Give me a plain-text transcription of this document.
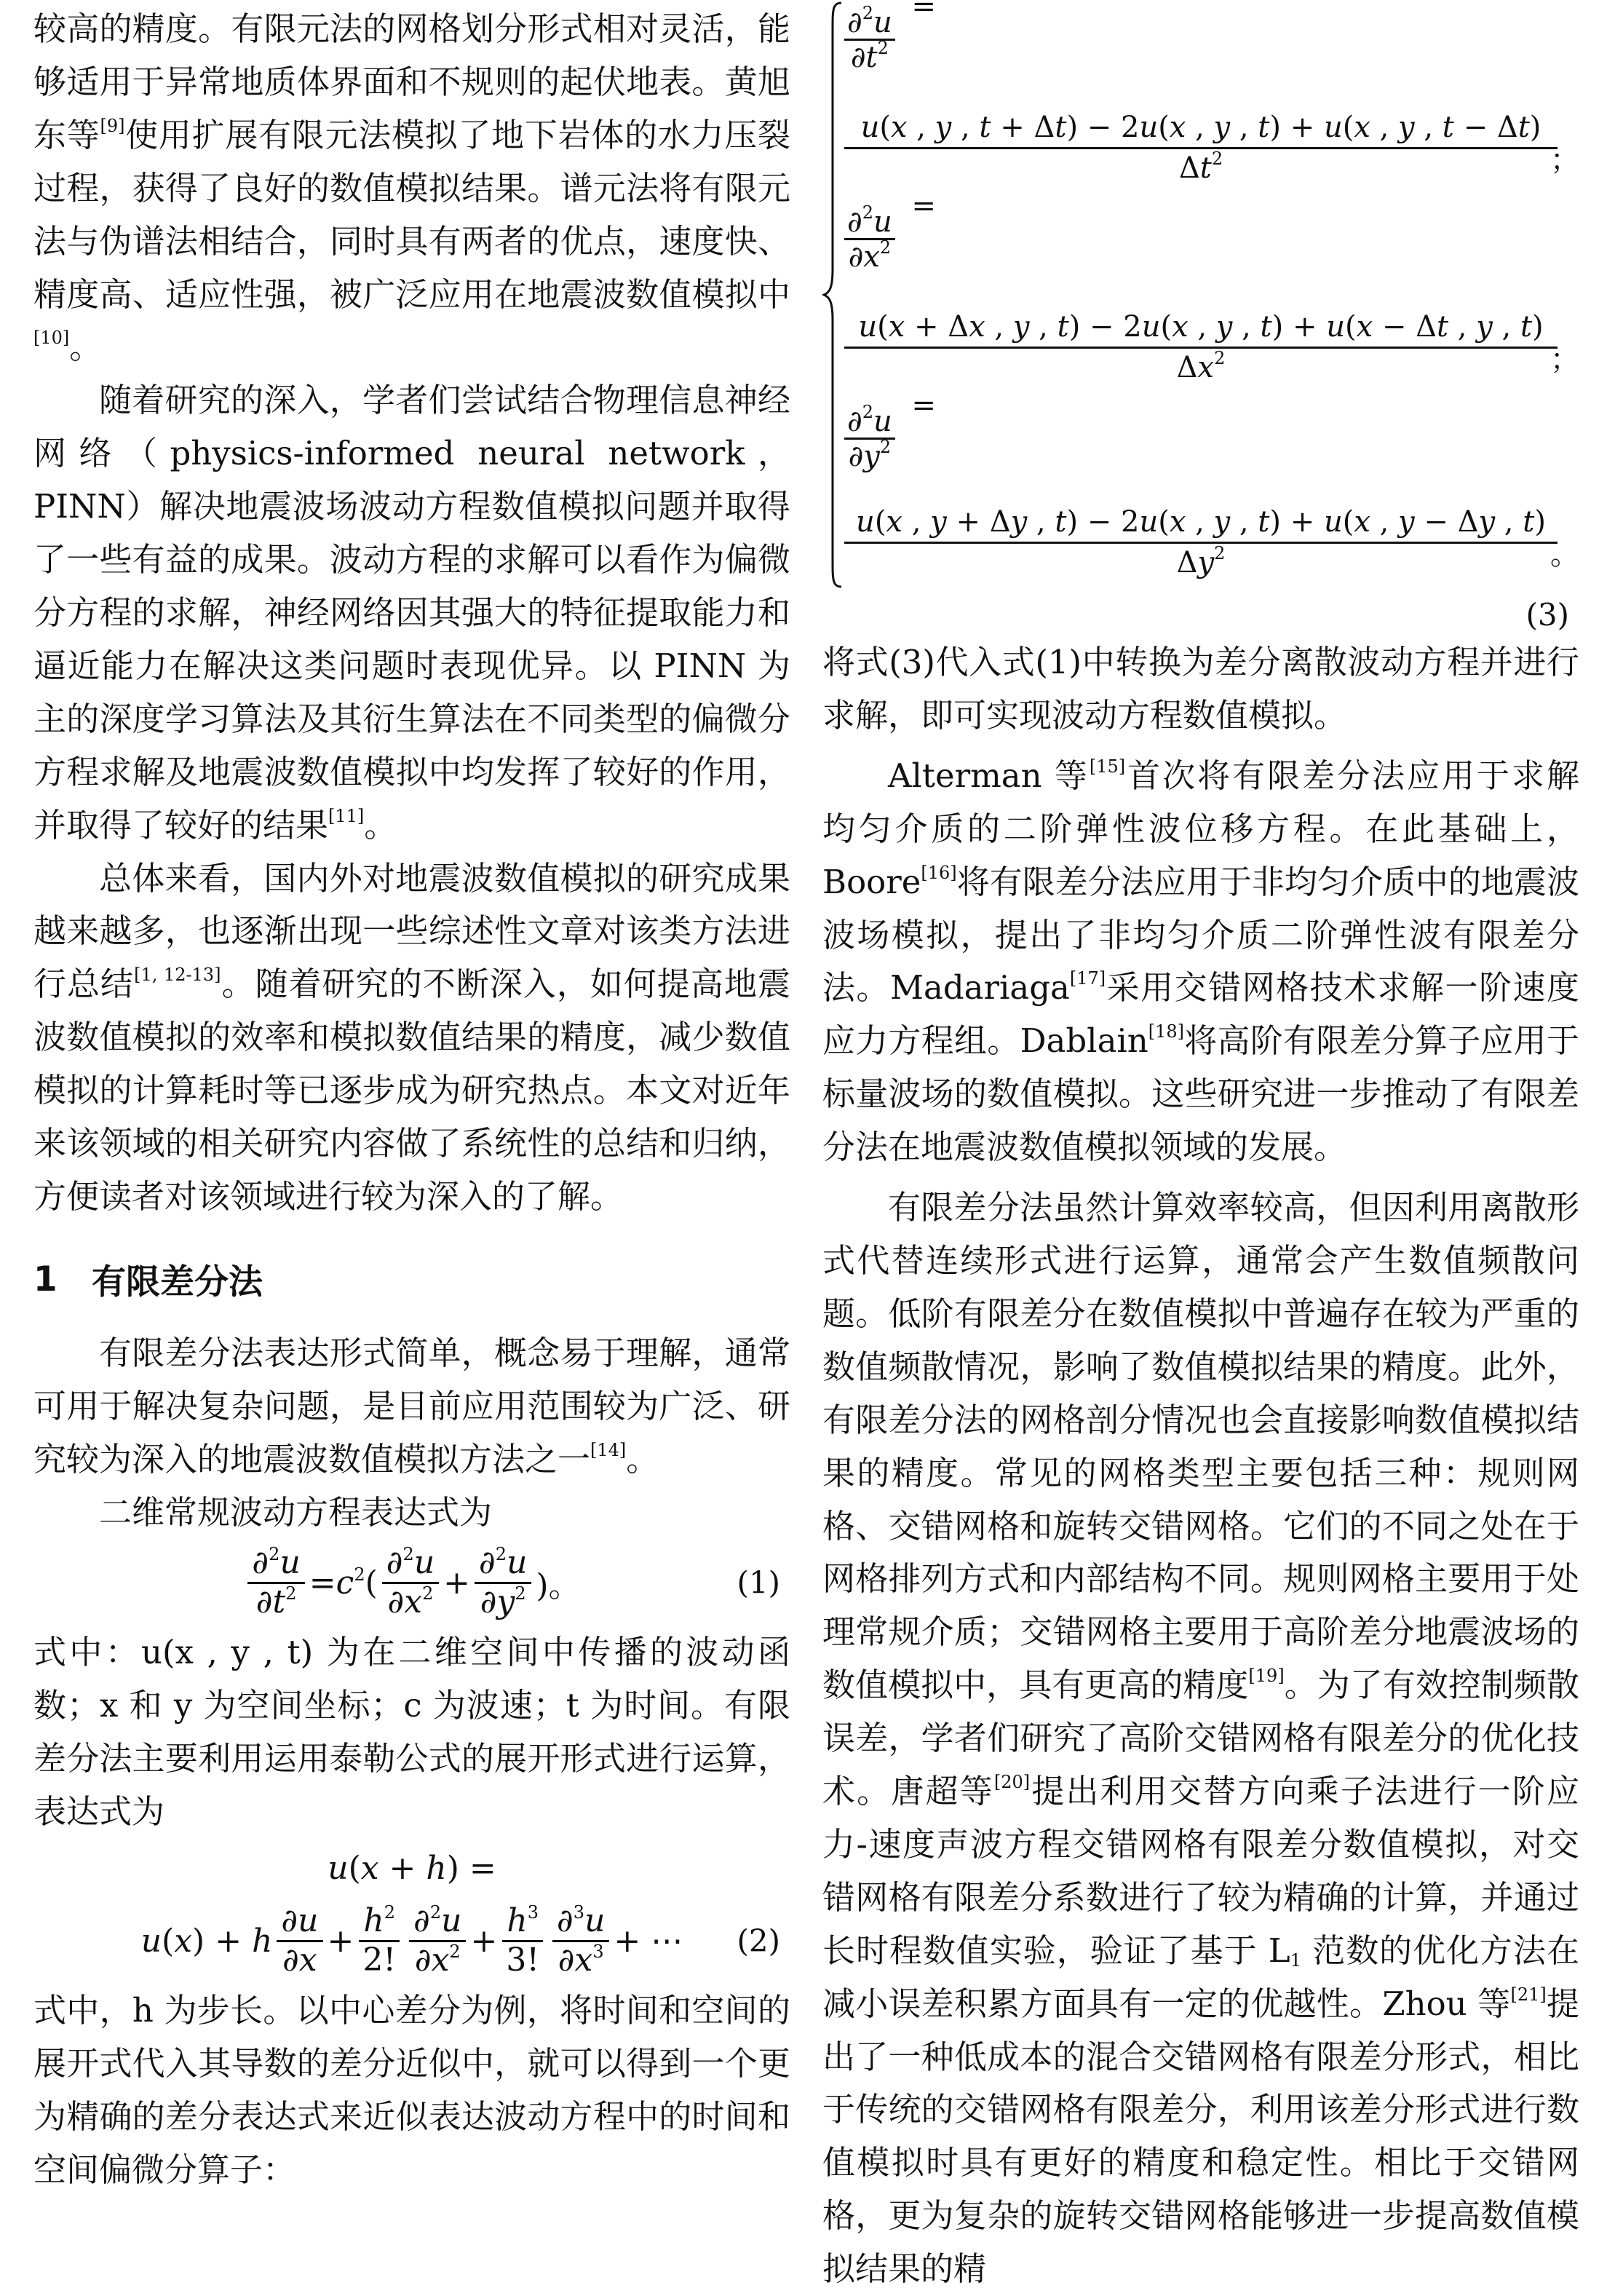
较高的精度。有限元法的网格划分形式相对灵活，能够适用于异常地质体界面和不规则的起伏地表。黄旭东等[9]使用扩展有限元法模拟了地下岩体的水力压裂过程，获得了良好的数值模拟结果。谱元法将有限元法与伪谱法相结合，同时具有两者的优点，速度快、精度高、适应性强，被广泛应用在地震波数值模拟中[10]。

随着研究的深入，学者们尝试结合物理信息神经网络（physics-informed neural network，PINN）解决地震波场波动方程数值模拟问题并取得了一些有益的成果。波动方程的求解可以看作为偏微分方程的求解，神经网络因其强大的特征提取能力和逼近能力在解决这类问题时表现优异。以 PINN 为主的深度学习算法及其衍生算法在不同类型的偏微分方程求解及地震波数值模拟中均发挥了较好的作用，并取得了较好的结果[11]。

总体来看，国内外对地震波数值模拟的研究成果越来越多，也逐渐出现一些综述性文章对该类方法进行总结[1, 12-13]。随着研究的不断深入，如何提高地震波数值模拟的效率和模拟数值结果的精度，减少数值模拟的计算耗时等已逐步成为研究热点。本文对近年来该领域的相关研究内容做了系统性的总结和归纳，方便读者对该领域进行较为深入的了解。

1	有限差分法

有限差分法表达形式简单，概念易于理解，通常可用于解决复杂问题，是目前应用范围较为广泛、研究较为深入的地震波数值模拟方法之一[14]。

二维常规波动方程表达式为

$\frac{\partial^2u}{\partial t^2} =c^2( \frac{\partial^2u}{\partial x^2} + \frac{\partial^2u}{\partial y^2}$ )。	(1)

式中：u(x , y , t) 为在二维空间中传播的波动函数；x 和 y 为空间坐标；c 为波速；t 为时间。有限差分法主要利用运用泰勒公式的展开形式进行运算，表达式为

u(x + h) =
u(x) + h $\frac{\partial u}{\partial x} + \frac{h^2}{2!} \frac{\partial^2u}{\partial x^2} + \frac{h^3}{3!} \frac{\partial^3u}{\partial x^3}$ + ⋯ (2)

式中，h 为步长。以中心差分为例，将时间和空间的展开式代入其导数的差分近似中，就可以得到一个更为精确的差分表达式来近似表达波动方程中的时间和空间偏微分算子：

$\frac{\partial^2u}{\partial t^2}$ =
$\frac{u(x , y , t + \Delta t) - 2u(x , y , t) + u(x , y , t - \Delta t)}{\Delta t^2}$
；
$\frac{\partial^2u}{\partial x^2}$ =
$\frac{u(x + \Delta x , y , t) - 2u(x , y , t) + u(x - \Delta t , y , t)}{\Delta x^2}$
；
$\frac{\partial^2u}{\partial y^2}$ =
$\frac{u(x , y + \Delta y , t) - 2u(x , y , t) + u(x , y - \Delta y , t)}{\Delta y^2}$
。
(3)

将式(3)代入式(1)中转换为差分离散波动方程并进行求解，即可实现波动方程数值模拟。

Alterman 等[15]首次将有限差分法应用于求解均匀介质的二阶弹性波位移方程。在此基础上，Boore[16]将有限差分法应用于非均匀介质中的地震波波场模拟，提出了非均匀介质二阶弹性波有限差分法。Madariaga[17]采用交错网格技术求解一阶速度应力方程组。Dablain[18]将高阶有限差分算子应用于标量波场的数值模拟。这些研究进一步推动了有限差分法在地震波数值模拟领域的发展。

有限差分法虽然计算效率较高，但因利用离散形式代替连续形式进行运算，通常会产生数值频散问题。低阶有限差分在数值模拟中普遍存在较为严重的数值频散情况，影响了数值模拟结果的精度。此外，有限差分法的网格剖分情况也会直接影响数值模拟结果的精度。常见的网格类型主要包括三种：规则网格、交错网格和旋转交错网格。它们的不同之处在于网格排列方式和内部结构不同。规则网格主要用于处理常规介质；交错网格主要用于高阶差分地震波场的数值模拟中，具有更高的精度[19]。为了有效控制频散误差，学者们研究了高阶交错网格有限差分的优化技术。唐超等[20]提出利用交替方向乘子法进行一阶应力-速度声波方程交错网格有限差分数值模拟，对交错网格有限差分系数进行了较为精确的计算，并通过长时程数值实验，验证了基于 $L_1$ 范数的优化方法在减小误差积累方面具有一定的优越性。Zhou 等[21]提出了一种低成本的混合交错网格有限差分形式，相比于传统的交错网格有限差分，利用该差分形式进行数值模拟时具有更好的精度和稳定性。相比于交错网格，更为复杂的旋转交错网格能够进一步提高数值模拟结果的精
